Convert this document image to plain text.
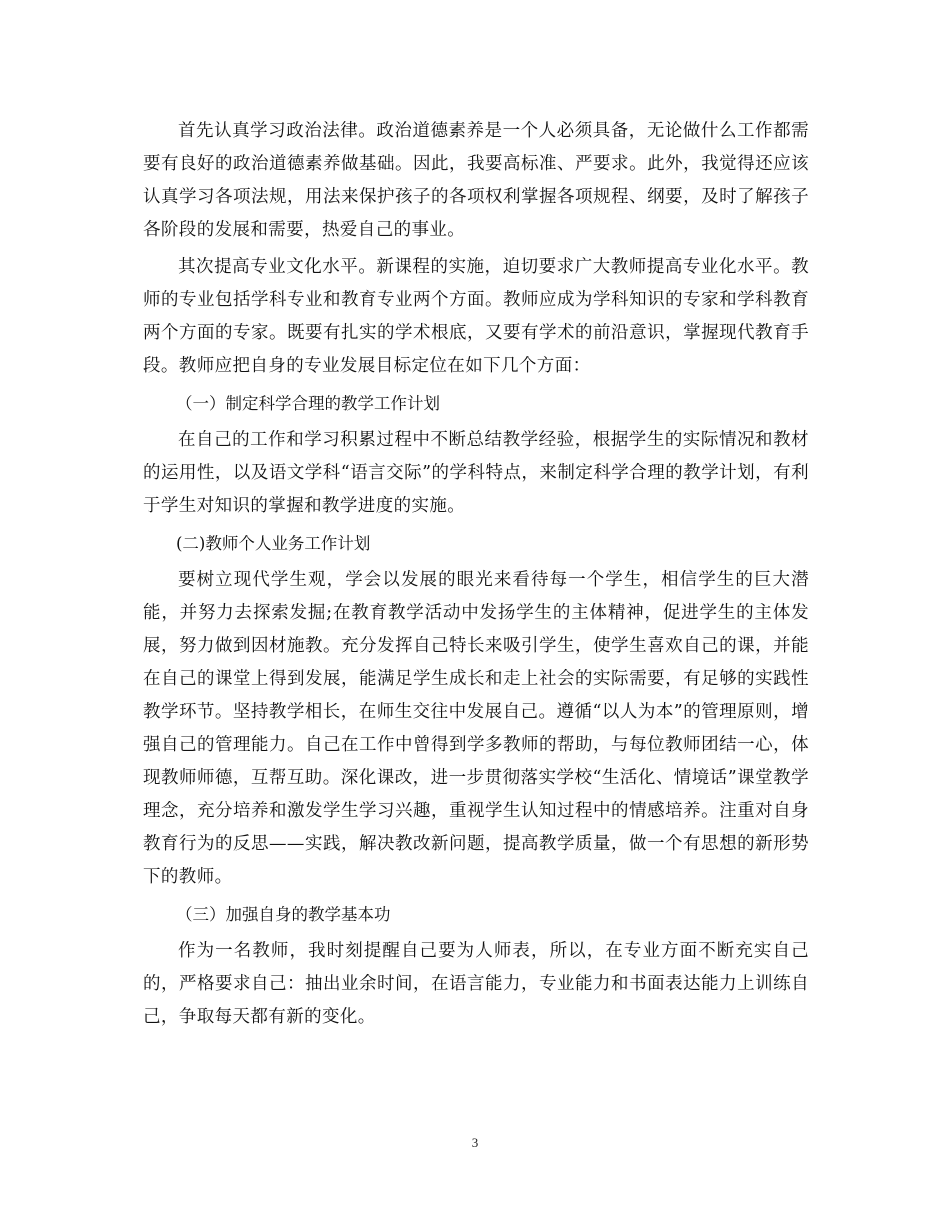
首先认真学习政治法律。政治道德素养是一个人必须具备，无论做什么工作都需要有良好的政治道德素养做基础。因此，我要高标准、严要求。此外，我觉得还应该认真学习各项法规，用法来保护孩子的各项权利掌握各项规程、纲要，及时了解孩子各阶段的发展和需要，热爱自己的事业。

其次提高专业文化水平。新课程的实施，迫切要求广大教师提高专业化水平。教师的专业包括学科专业和教育专业两个方面。教师应成为学科知识的专家和学科教育两个方面的专家。既要有扎实的学术根底，又要有学术的前沿意识，掌握现代教育手段。教师应把自身的专业发展目标定位在如下几个方面：

（一）制定科学合理的教学工作计划

在自己的工作和学习积累过程中不断总结教学经验，根据学生的实际情况和教材的运用性，以及语文学科“语言交际”的学科特点，来制定科学合理的教学计划，有利于学生对知识的掌握和教学进度的实施。

(二)教师个人业务工作计划

要树立现代学生观，学会以发展的眼光来看待每一个学生，相信学生的巨大潜能，并努力去探索发掘;在教育教学活动中发扬学生的主体精神，促进学生的主体发展，努力做到因材施教。充分发挥自己特长来吸引学生，使学生喜欢自己的课，并能在自己的课堂上得到发展，能满足学生成长和走上社会的实际需要，有足够的实践性教学环节。坚持教学相长，在师生交往中发展自己。遵循“以人为本”的管理原则，增强自己的管理能力。自己在工作中曾得到学多教师的帮助，与每位教师团结一心，体现教师师德，互帮互助。深化课改，进一步贯彻落实学校“生活化、情境话”课堂教学理念，充分培养和激发学生学习兴趣，重视学生认知过程中的情感培养。注重对自身教育行为的反思——实践，解决教改新问题，提高教学质量，做一个有思想的新形势下的教师。

（三）加强自身的教学基本功

作为一名教师，我时刻提醒自己要为人师表，所以，在专业方面不断充实自己的，严格要求自己：抽出业余时间，在语言能力，专业能力和书面表达能力上训练自己，争取每天都有新的变化。

3
